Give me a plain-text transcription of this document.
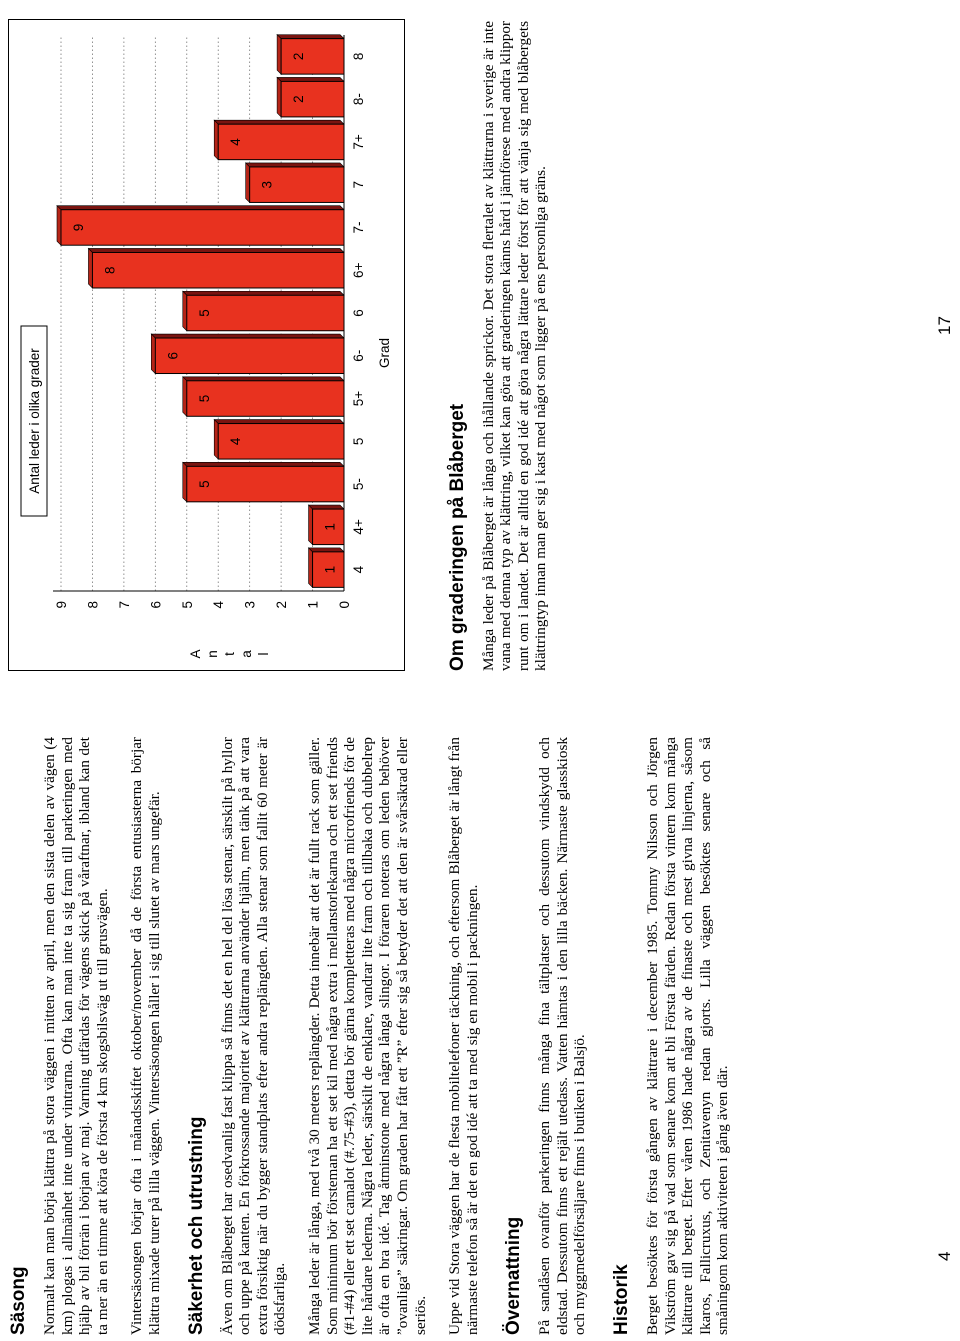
Säsong Normalt kan man börja klättra på stora väggen i mitten av april, men den sista delen av vägen (4 km) plogas i allmänhet inte under vintrarna. Ofta kan man inte ta sig fram till parkeringen med hjälp av bil förrän i början av maj. Varning utfärdas för vägens skick på våraftnar, ibland kan det ta mer än en timme att köra de första 4 km skogsbilsväg ut till grusvägen. Vintersäsongen börjar ofta i månadsskiftet oktober/november då de första entusiasterna börjar klättra mixade turer på lilla väggen. Vintersäsongen håller i sig till slutet av mars ungefär. Säkerhet och utrustning Även om Blåberget har osedvanlig fast klippa så finns det en hel del lösa stenar, särskilt på hyllor och uppe på kanten. En förkrossande majoritet av klättrarna använder hjälm, men tänk på att vara extra försiktig när du bygger standplats efter andra replängden. Alla stenar som fallit 60 meter är dödsfarliga. Många leder är långa, med två 30 meters replängder. Detta innebär att det är fullt rack som gäller. Som minimum bör förstеman ha ett set kil med några extra i mellanstorlekarna och ett set friends (#1-#4) eller ett set camalot (#.75-#3), detta bör gärna kompletteras med några microfriends för de lite hårdare lederna. Några leder, särskilt de enklare, vandrar lite fram och tillbaka och dubbelrep är ofta en bra idé. Tag åtminstone med några långa slingor. I föraren noteras om leden behöver ”ovanliga” säkringar. Om graden har fått ett ”R” efter sig så betyder det att den är svårsäkrad eller seriös. Uppe vid Stora väggen har de flesta mobiltelefoner täckning, och eftersom Blåberget är långt från närmaste telefon så är det en god idé att ta med sig en mobil i packningen. Övernattning På sandåsen ovanför parkeringen finns många fina tältplatser och dessutom vindskydd och eldstad. Dessutom finns ett rejält utedass. Vatten hämtas i den lilla bäcken. Närmaste glasskiosk och myggmedelförsäljare finns i butiken i Balsjö. Historik Berget besöktes för första gången av klättrare i december 1985. Tommy Nilsson och Jörgen Vikström gav sig på vad som senare kom att bli Första färden. Redan första vintern kom många klättrare till berget. Efter våren 1986 hade några av de finaste och mest givna linjerna, såsom Ikaros, Fallicruxus, och Zenitavenyn redan gjorts. Lilla väggen besöktes senare och så småningom kom aktiviteten i gång även där.	4
Antal leder i olika grader
0
1
2
3
4
5
6
7
8
9
A n t a l
1 4
1 4+
5	5-
4	5
5	5+
6	6-
5	6
8	6+
9	7-
3	7
4	7+
2	8-
2	8
Grad
Om graderingen på Blåberget Många leder på Blåberget är långa och ihållande sprickor. Det stora flertalet av klättrarna i sverige är inte vana med denna typ av klättring, vilket kan göra att graderingen känns hård i jämförese med andra klippor runt om i landet. Det är alltid en god idé att göra några lättare leder först för att vänja sig med blåbergets klättringtyp innan man ger sig i kast med något som ligger på ens personliga gräns.	17
